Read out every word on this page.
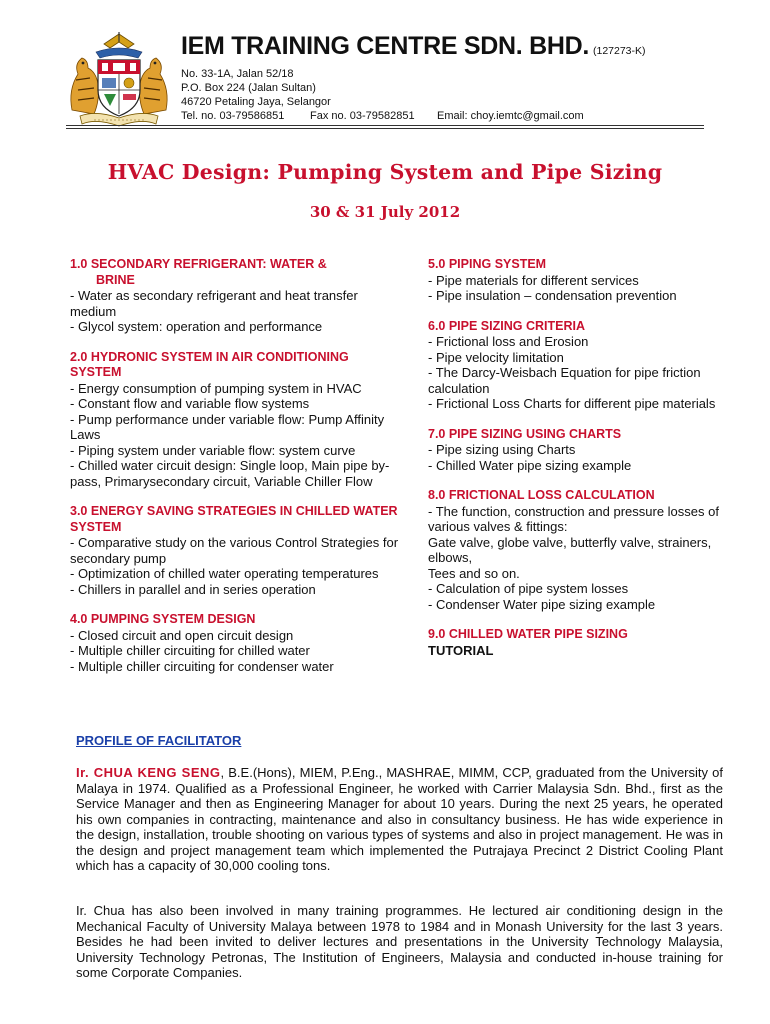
IEM TRAINING CENTRE SDN. BHD. (127273-K)
No. 33-1A, Jalan 52/18
P.O. Box 224 (Jalan Sultan)
46720 Petaling Jaya, Selangor
Tel. no. 03-79586851 Fax no. 03-79582851 Email: choy.iemtc@gmail.com
HVAC Design: Pumping System and Pipe Sizing
30 & 31 July 2012
1.0 SECONDARY REFRIGERANT: WATER &
BRINE
- Water as secondary refrigerant and heat transfer medium
- Glycol system: operation and performance
2.0 HYDRONIC SYSTEM IN AIR CONDITIONING SYSTEM
- Energy consumption of pumping system in HVAC
- Constant flow and variable flow systems
- Pump performance under variable flow: Pump Affinity Laws
- Piping system under variable flow: system curve
- Chilled water circuit design: Single loop, Main pipe by-pass, Primarysecondary circuit, Variable Chiller Flow
3.0 ENERGY SAVING STRATEGIES IN CHILLED WATER SYSTEM
- Comparative study on the various Control Strategies for secondary pump
- Optimization of chilled water operating temperatures
- Chillers in parallel and in series operation
4.0 PUMPING SYSTEM DESIGN
- Closed circuit and open circuit design
- Multiple chiller circuiting for chilled water
- Multiple chiller circuiting for condenser water
5.0 PIPING SYSTEM
- Pipe materials for different services
- Pipe insulation – condensation prevention
6.0 PIPE SIZING CRITERIA
- Frictional loss and Erosion
- Pipe velocity limitation
- The Darcy-Weisbach Equation for pipe friction calculation
- Frictional Loss Charts for different pipe materials
7.0 PIPE SIZING USING CHARTS
- Pipe sizing using Charts
- Chilled Water pipe sizing example
8.0 FRICTIONAL LOSS CALCULATION
- The function, construction and pressure losses of various valves & fittings:
Gate valve, globe valve, butterfly valve, strainers, elbows,
Tees and so on.
- Calculation of pipe system losses
- Condenser Water pipe sizing example
9.0 CHILLED WATER PIPE SIZING
TUTORIAL
PROFILE OF FACILITATOR
Ir. CHUA KENG SENG, B.E.(Hons), MIEM, P.Eng., MASHRAE, MIMM, CCP, graduated from the University of Malaya in 1974. Qualified as a Professional Engineer, he worked with Carrier Malaysia Sdn. Bhd., first as the Service Manager and then as Engineering Manager for about 10 years. During the next 25 years, he operated his own companies in contracting, maintenance and also in consultancy business. He has wide experience in the design, installation, trouble shooting on various types of systems and also in project management. He was in the design and project management team which implemented the Putrajaya Precinct 2 District Cooling Plant which has a capacity of 30,000 cooling tons.
Ir. Chua has also been involved in many training programmes. He lectured air conditioning design in the Mechanical Faculty of University Malaya between 1978 to 1984 and in Monash University for the last 3 years. Besides he had been invited to deliver lectures and presentations in the University Technology Malaysia, University Technology Petronas, The Institution of Engineers, Malaysia and conducted in-house training for some Corporate Companies.
